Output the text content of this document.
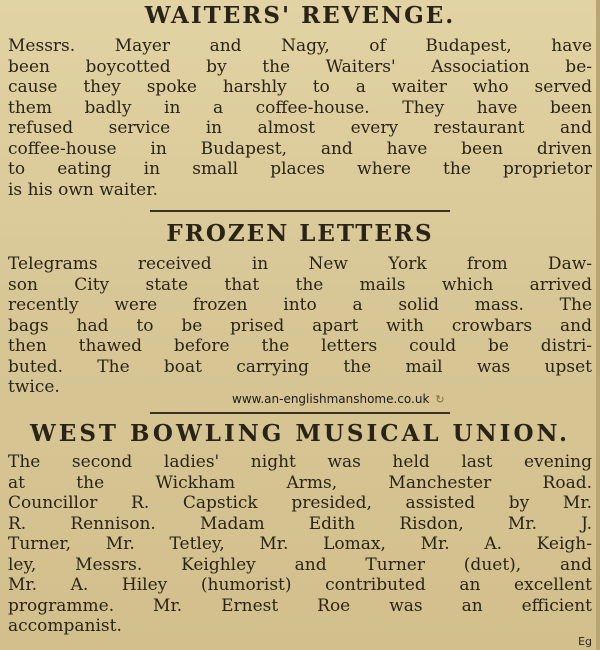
WAITERS' REVENGE.
Messrs. Mayer and Nagy, of Budapest, have
been boycotted by the Waiters' Association be-
cause they spoke harshly to a waiter who served
them badly in a coffee-house. They have been
refused service in almost every restaurant and
coffee-house in Budapest, and have been driven
to eating in small places where the proprietor
is his own waiter.
FROZEN LETTERS
Telegrams received in New York from Daw-
son City state that the mails which arrived
recently were frozen into a solid mass. The
bags had to be prised apart with crowbars and
then thawed before the letters could be distri-
buted. The boat carrying the mail was upset
twice.
www.an-englishmanshome.co.uk ↻
WEST BOWLING MUSICAL UNION.
The second ladies' night was held last evening
at the Wickham Arms, Manchester Road.
Councillor R. Capstick presided, assisted by Mr.
R. Rennison. Madam Edith Risdon, Mr. J.
Turner, Mr. Tetley, Mr. Lomax, Mr. A. Keigh-
ley, Messrs. Keighley and Turner (duet), and
Mr. A. Hiley (humorist) contributed an excellent
programme. Mr. Ernest Roe was an efficient
accompanist.
Eg
